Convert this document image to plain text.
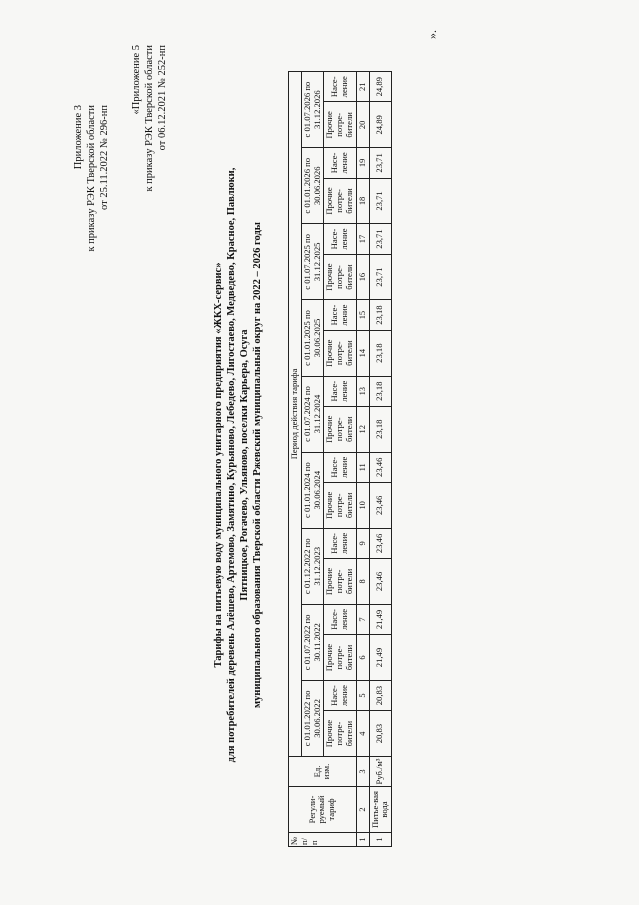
Приложение 3 к приказу РЭК Тверской области от 25.11.2022 № 296-нп
«Приложение 5 к приказу РЭК Тверской области от 06.12.2021 № 252-нп
Тарифы на питьевую воду муниципального унитарного предприятия «ЖКХ-сервис» для потребителей деревень Алёшево, Артемово, Замятино, Курьяново, Лебедево, Лигостаево, Медведево, Красное, Павлюки, Пятницкое, Рогачево, Ульяново, поселки Карьера, Осуга муниципального образования Тверской области Ржевский муниципальный округ на 2022 – 2026 годы
№ п/п	Регули-руемый тариф	Ед. изм.	Период действия тарифа																	
			с 01.01.2022 по 30.06.2022		с 01.07.2022 по 30.11.2022		с 01.12.2022 по 31.12.2023		с 01.01.2024 по 30.06.2024		с 01.07.2024 по 31.12.2024		с 01.01.2025 по 30.06.2025		с 01.07.2025 по 31.12.2025		с 01.01.2026 по 30.06.2026		с 01.07.2026 по 31.12.2026	
			Прочие потре-бители	Насе-ление	Прочие потре-бители	Насе-ление	Прочие потре-бители	Насе-ление	Прочие потре-бители	Насе-ление	Прочие потре-бители	Насе-ление	Прочие потре-бители	Насе-ление	Прочие потре-бители	Насе-ление	Прочие потре-бители	Насе-ление	Прочие потре-бители	Насе-ление
1	2	3	4	5	6	7	8	9	10	11	12	13	14	15	16	17	18	19	20	21
1	Питье-вая вода	Руб./м³	20,83	20,83	21,49	21,49	23,46	23,46	23,46	23,46	23,18	23,18	23,18	23,18	23,71	23,71	23,71	23,71	24,89	24,89
».
